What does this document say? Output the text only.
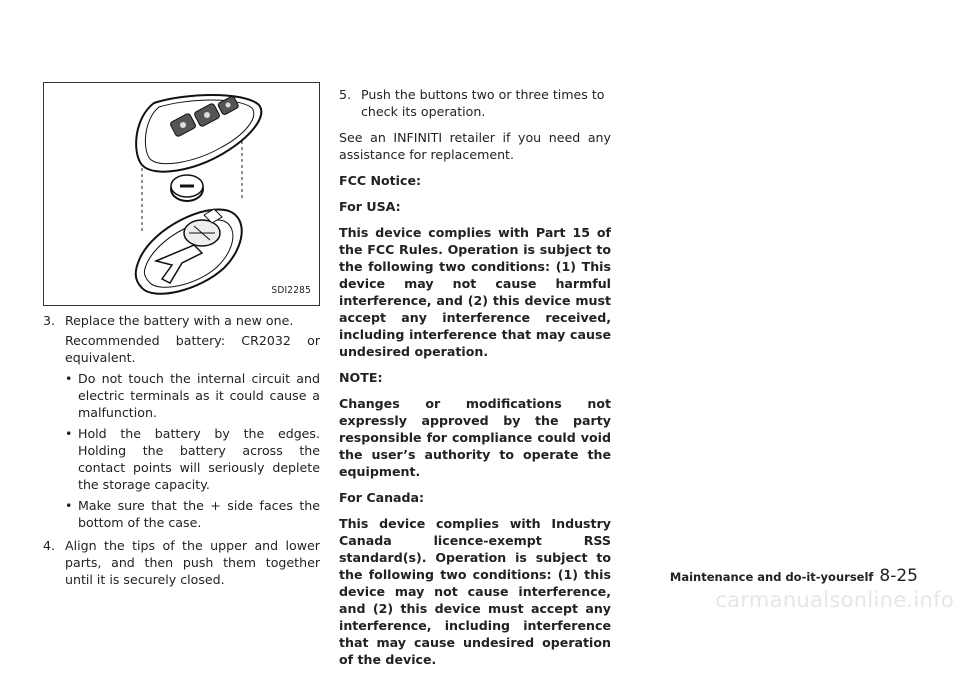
SDI2285
3. Replace the battery with a new one.

Recommended battery: CR2032 or equivalent.

• Do not touch the internal circuit and electric terminals as it could cause a malfunction.
• Hold the battery by the edges. Holding the battery across the contact points will seriously deplete the storage capacity.
• Make sure that the + side faces the bottom of the case.
4. Align the tips of the upper and lower parts, and then push them together until it is securely closed.

5. Push the buttons two or three times to check its operation.

See an INFINITI retailer if you need any assistance for replacement.

FCC Notice:

For USA:

This device complies with Part 15 of the FCC Rules. Operation is subject to the following two conditions: (1) This device may not cause harmful interference, and (2) this device must accept any interference received, including interference that may cause undesired operation.

NOTE:

Changes or modifications not expressly approved by the party responsible for compliance could void the user’s authority to operate the equipment.

For Canada:

This device complies with Industry Canada licence-exempt RSS standard(s). Operation is subject to the following two conditions: (1) this device may not cause interference, and (2) this device must accept any interference, including interference that may cause undesired operation of the device.

Maintenance and do-it-yourself 8-25
carmanualsonline.info
